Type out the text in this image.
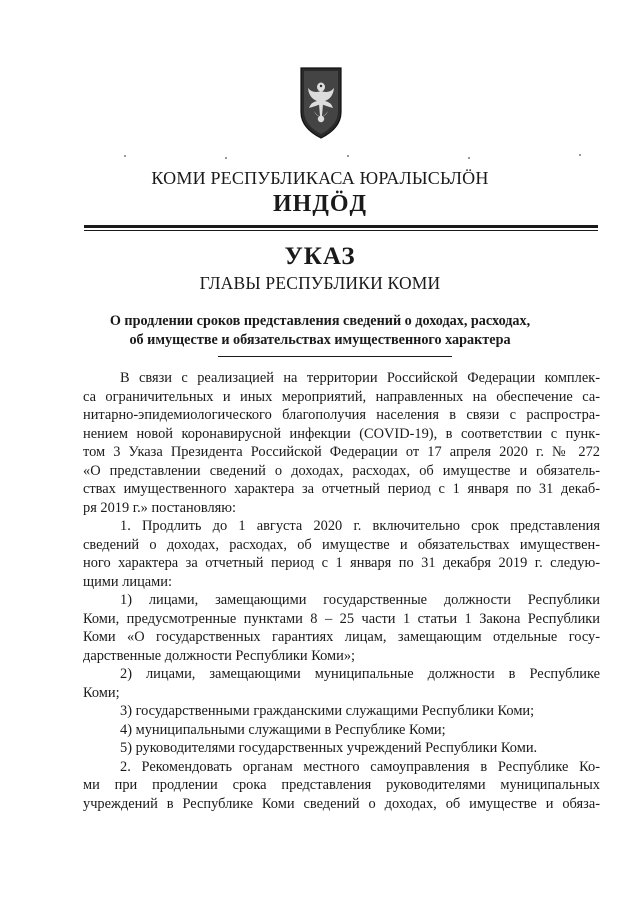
КОМИ РЕСПУБЛИКАСА ЮРАЛЫСЬЛӦН
ИНДӦД
УКАЗ
ГЛАВЫ РЕСПУБЛИКИ КОМИ
О продлении сроков представления сведений о доходах, расходах,
об имуществе и обязательствах имущественного характера
В связи с реализацией на территории Российской Федерации комплек-
са ограничительных и иных мероприятий, направленных на обеспечение са-
нитарно-эпидемиологического благополучия населения в связи с распростра-
нением новой коронавирусной инфекции (COVID-19), в соответствии с пунк-
том 3 Указа Президента Российской Федерации от 17 апреля 2020 г. № 272
«О представлении сведений о доходах, расходах, об имуществе и обязатель-
ствах имущественного характера за отчетный период с 1 января по 31 декаб-
ря 2019 г.» постановляю:
1. Продлить до 1 августа 2020 г. включительно срок представления
сведений о доходах, расходах, об имуществе и обязательствах имуществен-
ного характера за отчетный период с 1 января по 31 декабря 2019 г. следую-
щими лицами:
1) лицами, замещающими государственные должности Республики
Коми, предусмотренные пунктами 8 – 25 части 1 статьи 1 Закона Республики
Коми «О государственных гарантиях лицам, замещающим отдельные госу-
дарственные должности Республики Коми»;
2) лицами, замещающими муниципальные должности в Республике
Коми;
3) государственными гражданскими служащими Республики Коми;
4) муниципальными служащими в Республике Коми;
5) руководителями государственных учреждений Республики Коми.
2. Рекомендовать органам местного самоуправления в Республике Ко-
ми при продлении срока представления руководителями муниципальных
учреждений в Республике Коми сведений о доходах, об имуществе и обяза-
